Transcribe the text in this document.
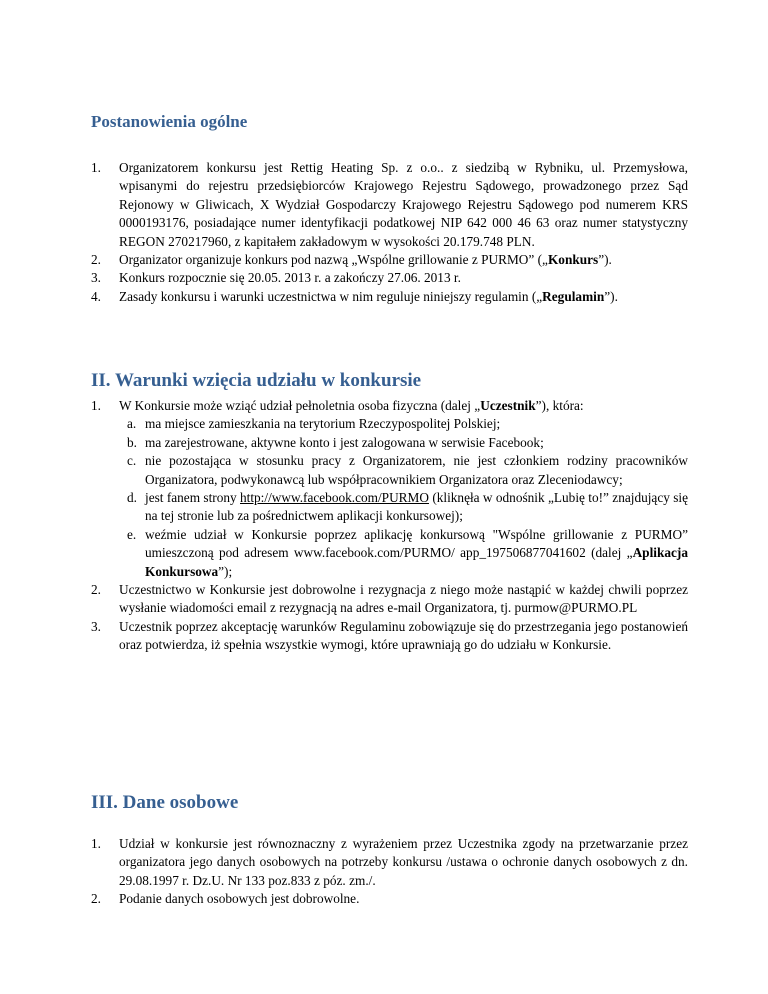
Postanowienia ogólne
1. Organizatorem konkursu jest Rettig Heating Sp. z o.o.. z siedzibą w Rybniku, ul. Przemysłowa, wpisanymi do rejestru przedsiębiorców Krajowego Rejestru Sądowego, prowadzonego przez Sąd Rejonowy w Gliwicach, X Wydział Gospodarczy Krajowego Rejestru Sądowego pod numerem KRS 0000193176, posiadające numer identyfikacji podatkowej NIP 642 000 46 63 oraz numer statystyczny REGON 270217960, z kapitałem zakładowym w wysokości 20.179.748 PLN.
2. Organizator organizuje konkurs pod nazwą „Wspólne grillowanie z PURMO” („Konkurs”).
3. Konkurs rozpocznie się 20.05. 2013 r. a zakończy 27.06. 2013 r.
4. Zasady konkursu i warunki uczestnictwa w nim reguluje niniejszy regulamin („Regulamin”).
II. Warunki wzięcia udziału w konkursie
1. W Konkursie może wziąć udział pełnoletnia osoba fizyczna (dalej „Uczestnik”), która:
a. ma miejsce zamieszkania na terytorium Rzeczypospolitej Polskiej;
b. ma zarejestrowane, aktywne konto i jest zalogowana w serwisie Facebook;
c. nie pozostająca w stosunku pracy z Organizatorem, nie jest członkiem rodziny pracowników Organizatora, podwykonawcą lub współpracownikiem Organizatora oraz Zleceniodawcy;
d. jest fanem strony http://www.facebook.com/PURMO (kliknęła w odnośnik „Lubię to!” znajdujący się na tej stronie lub za pośrednictwem aplikacji konkursowej);
e. weźmie udział w Konkursie poprzez aplikację konkursową "Wspólne grillowanie z PURMO” umieszczoną pod adresem www.facebook.com/PURMO/ app_197506877041602 (dalej „Aplikacja Konkursowa”);
2. Uczestnictwo w Konkursie jest dobrowolne i rezygnacja z niego może nastąpić w każdej chwili poprzez wysłanie wiadomości email z rezygnacją na adres e-mail Organizatora, tj. purmow@PURMO.PL
3. Uczestnik poprzez akceptację warunków Regulaminu zobowiązuje się do przestrzegania jego postanowień oraz potwierdza, iż spełnia wszystkie wymogi, które uprawniają go do udziału w Konkursie.
III. Dane osobowe
1. Udział w konkursie jest równoznaczny z wyrażeniem przez Uczestnika zgody na przetwarzanie przez organizatora jego danych osobowych na potrzeby konkursu /ustawa o ochronie danych osobowych z dn. 29.08.1997 r. Dz.U. Nr 133 poz.833 z póz. zm./.
2. Podanie danych osobowych jest dobrowolne.
